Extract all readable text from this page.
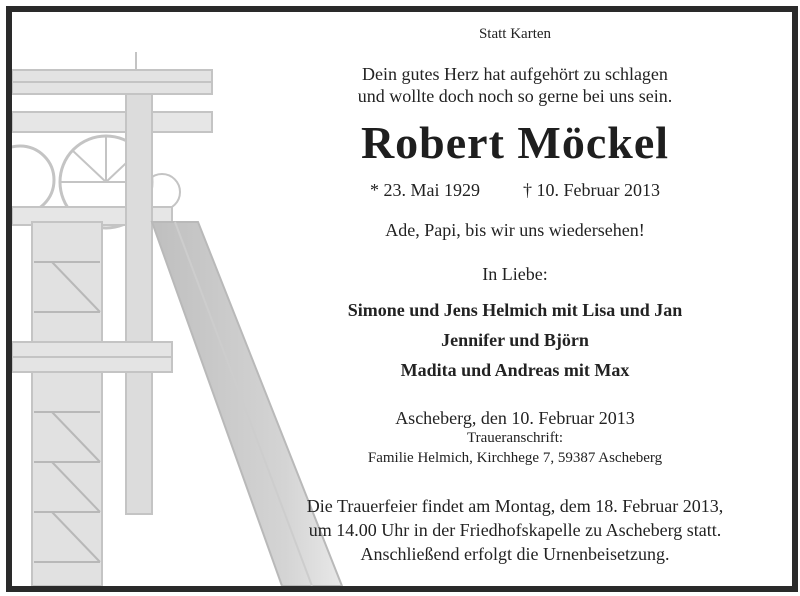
Statt Karten
Dein gutes Herz hat aufgehört zu schlagen
und wollte doch noch so gerne bei uns sein.
Robert Möckel
* 23. Mai 1929 † 10. Februar 2013
Ade, Papi, bis wir uns wiedersehen!
In Liebe:
Simone und Jens Helmich mit Lisa und Jan
Jennifer und Björn
Madita und Andreas mit Max
Ascheberg, den 10. Februar 2013
Traueranschrift:
Familie Helmich, Kirchhege 7, 59387 Ascheberg
Die Trauerfeier findet am Montag, dem 18. Februar 2013,
um 14.00 Uhr in der Friedhofskapelle zu Ascheberg statt.
Anschließend erfolgt die Urnenbeisetzung.
